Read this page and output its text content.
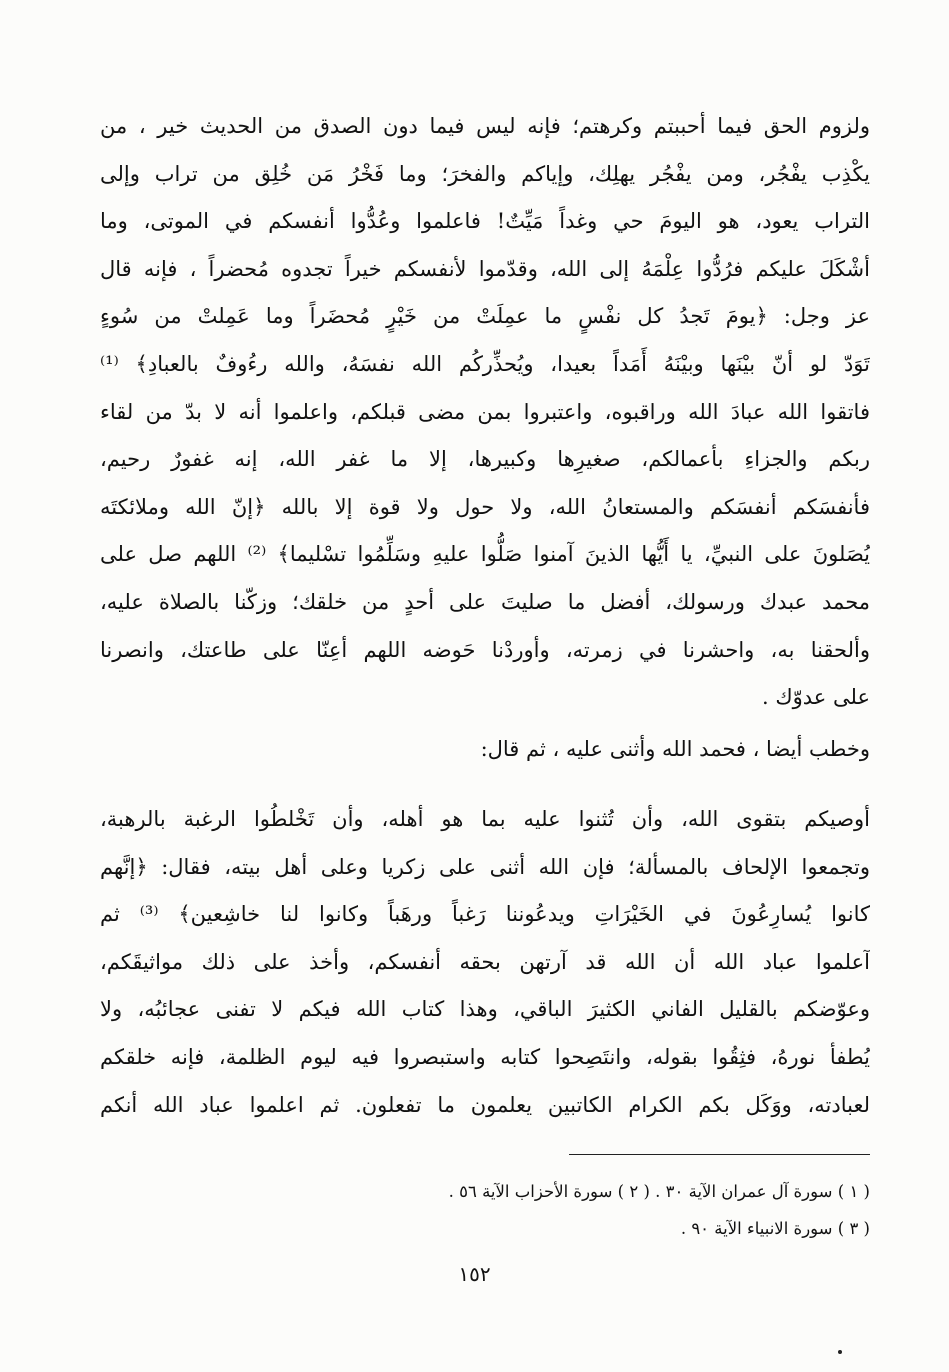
ولزوم الحق فيما أحببتم وكرهتم؛ فإنه ليس فيما دون الصدق من الحديث خير ، من
يكْذِب يفْجُر، ومن يفْجُر يهلِك، وإياكم والفخرَ؛ وما فَخْرُ مَن خُلِق من تراب وإلى
التراب يعود، هو اليومَ حي وغداً مَيِّتٌ! فاعلموا وعُدُّوا أنفسكم في الموتى، وما
أشْكَلَ عليكم فرُدُّوا عِلْمَهُ إلى الله، وقدّموا لأنفسكم خيراً تجدوه مُحضراً ، فإنه قال
عز وجل: ﴿يومَ تَجدُ كل نفْسٍ ما عمِلَتْ من خَيْرٍ مُحضَراً وما عَمِلتْ من سُوءٍ
تَوَدّ لو أنّ بيْنَها وبيْنَهُ أَمَداً بعيدا، ويُحذِّركُم الله نفسَهُ، والله رءُوفٌ بالعبادِ﴾ ⁽¹⁾
فاتقوا الله عبادَ الله وراقبوه، واعتبروا بمن مضى قبلكم، واعلموا أنه لا بدّ من لقاء
ربكم والجزاءِ بأعمالكم، صغيرِها وكبيرها، إلا ما غفر الله، إنه غفورٌ رحيم،
فأنفسَكم أنفسَكم والمستعانُ الله، ولا حول ولا قوة إلا بالله ﴿إنّ الله وملائكتَه
يُصَلونَ على النبيِّ، يا أَيُّها الذينَ آمنوا صَلُّوا عليهِ وسَلِّمُوا تسْليما﴾ ⁽²⁾ اللهم صل على
محمد عبدك ورسولك، أفضل ما صليتَ على أحدٍ من خلقك؛ وزكّنا بالصلاة عليه،
وألحقنا به، واحشرنا في زمرته، وأوردْنا حَوضه اللهم أعِنّا على طاعتك، وانصرنا
على عدوّك .
وخطب أيضا ، فحمد الله وأثنى عليه ، ثم قال:
أوصيكم بتقوى الله، وأن تُثنوا عليه بما هو أهله، وأن تَخْلطُوا الرغبة بالرهبة،
وتجمعوا الإلحاف بالمسألة؛ فإن الله أثنى على زكريا وعلى أهل بيته، فقال: ﴿إنَّهم
كانوا يُسارِعُونَ في الخَيْرَاتِ ويدعُوننا رَغباً ورهَباً وكانوا لنا خاشِعين﴾ ⁽³⁾ ثم
آعلموا عباد الله أن الله قد آرتهن بحقه أنفسكم، وأخذ على ذلك مواثيقَكم،
وعوّضكم بالقليل الفاني الكثيرَ الباقي، وهذا كتاب الله فيكم لا تفنى عجائبُه، ولا
يُطفأ نورهُ، فثِقُوا بقوله، وانتَصِحوا كتابه واستبصروا فيه ليوم الظلمة، فإنه خلقكم
لعبادته، ووَكَل بكم الكرام الكاتبين يعلمون ما تفعلون. ثم اعلموا عباد الله أنكم
( ١ ) سورة آل عمران الآية ٣٠ . ( ٢ ) سورة الأحزاب الآية ٥٦ .
( ٣ ) سورة الانبياء الآية ٩٠ .
١٥٢
